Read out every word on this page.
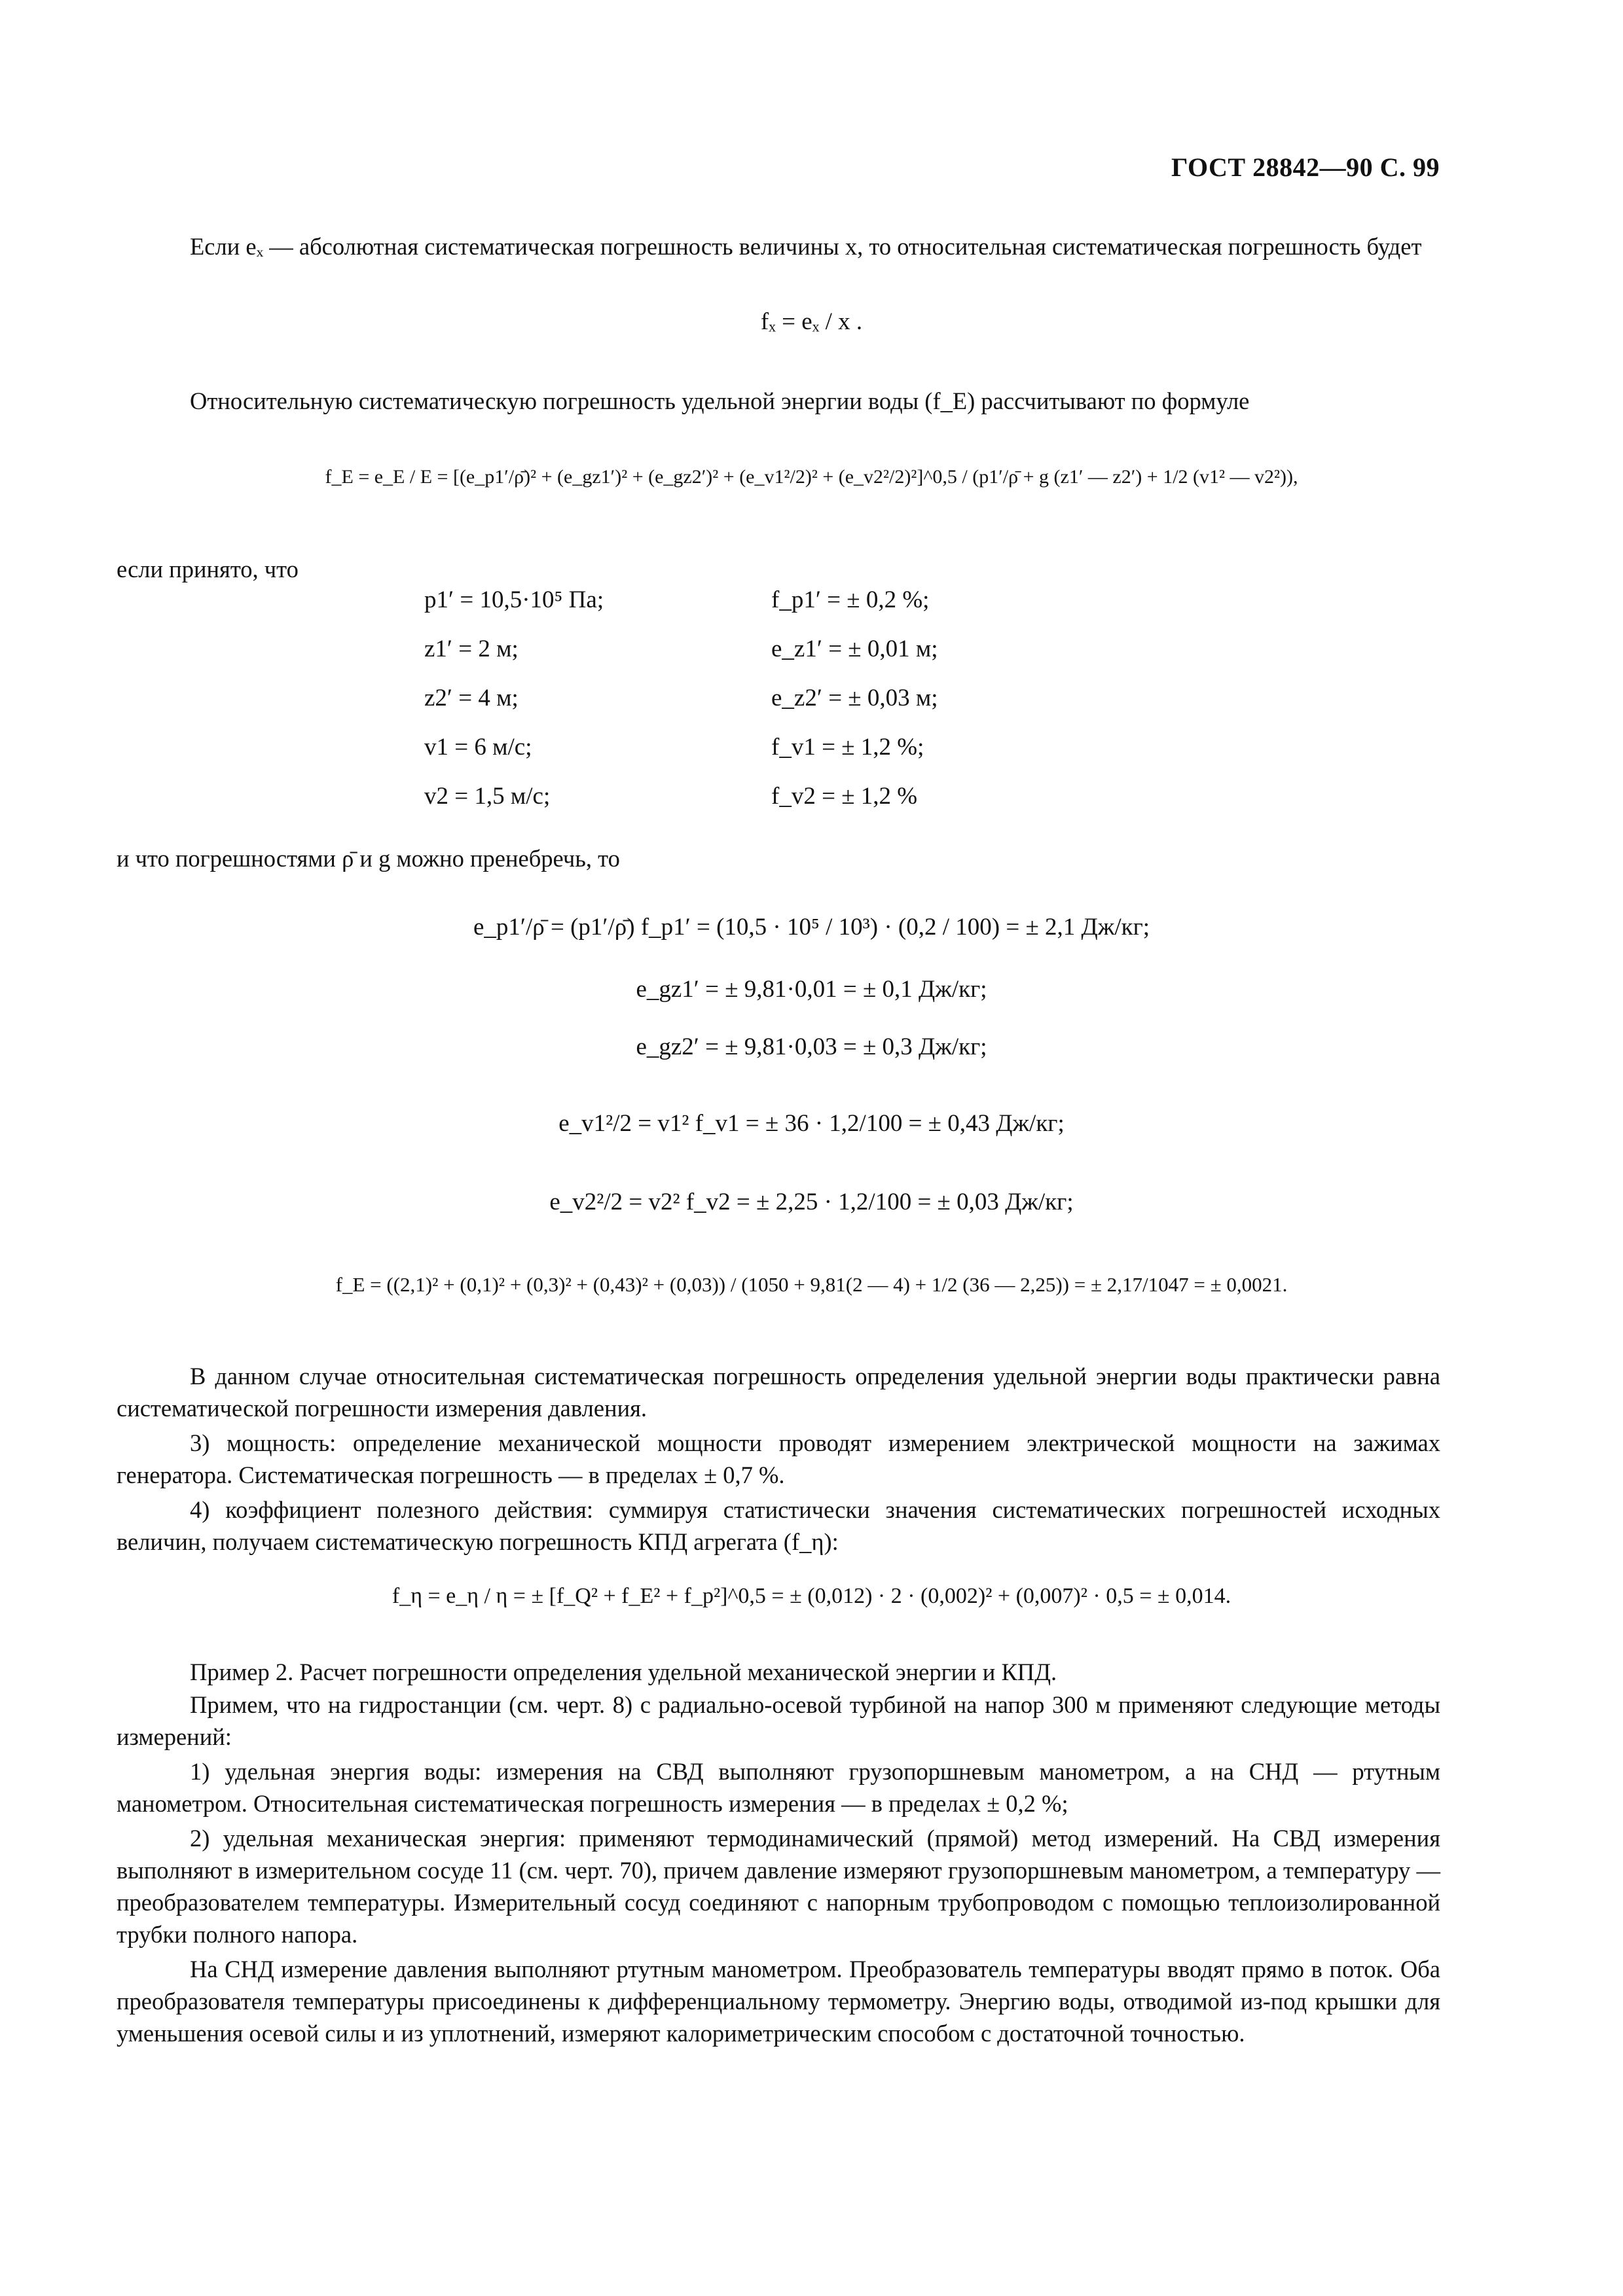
ГОСТ 28842—90 С. 99
Если eₓ — абсолютная систематическая погрешность величины x, то относительная систематическая погрешность будет
fₓ = eₓ / x .
Относительную систематическую погрешность удельной энергии воды (f_E) рассчитывают по формуле
f_E = e_E / E = [(e_p1′/ρ̄)² + (e_gz1′)² + (e_gz2′)² + (e_v1²/2)² + (e_v2²/2)²]^0,5 / (p1′/ρ̄ + g (z1′ — z2′) + 1/2 (v1² — v2²)),
если принято, что
p1′ = 10,5·10⁵ Па;
z1′ = 2 м;
z2′ = 4 м;
v1 = 6 м/с;
v2 = 1,5 м/с;
f_p1′ = ± 0,2 %;
e_z1′ = ± 0,01 м;
e_z2′ = ± 0,03 м;
f_v1 = ± 1,2 %;
f_v2 = ± 1,2 %
и что погрешностями ρ̄ и g можно пренебречь, то
e_p1′/ρ̄ = (p1′/ρ̄) f_p1′ = (10,5 · 10⁵ / 10³) · (0,2 / 100) = ± 2,1 Дж/кг;
e_gz1′ = ± 9,81·0,01 = ± 0,1 Дж/кг;
e_gz2′ = ± 9,81·0,03 = ± 0,3 Дж/кг;
e_v1²/2 = v1² f_v1 = ± 36 · 1,2/100 = ± 0,43 Дж/кг;
e_v2²/2 = v2² f_v2 = ± 2,25 · 1,2/100 = ± 0,03 Дж/кг;
f_E = ((2,1)² + (0,1)² + (0,3)² + (0,43)² + (0,03)) / (1050 + 9,81(2 — 4) + 1/2 (36 — 2,25)) = ± 2,17/1047 = ± 0,0021.
В данном случае относительная систематическая погрешность определения удельной энергии воды практически равна систематической погрешности измерения давления.
3) мощность: определение механической мощности проводят измерением электрической мощности на зажимах генератора. Систематическая погрешность — в пределах ± 0,7 %.
4) коэффициент полезного действия: суммируя статистически значения систематических погрешностей исходных величин, получаем систематическую погрешность КПД агрегата (f_η):
f_η = e_η / η = ± [f_Q² + f_E² + f_p²]^0,5 = ± (0,012) · 2 · (0,002)² + (0,007)² · 0,5 = ± 0,014.
Пример 2. Расчет погрешности определения удельной механической энергии и КПД.
Примем, что на гидростанции (см. черт. 8) с радиально-осевой турбиной на напор 300 м применяют следующие методы измерений:
1) удельная энергия воды: измерения на СВД выполняют грузопоршневым манометром, а на СНД — ртутным манометром. Относительная систематическая погрешность измерения — в пределах ± 0,2 %;
2) удельная механическая энергия: применяют термодинамический (прямой) метод измерений. На СВД измерения выполняют в измерительном сосуде 11 (см. черт. 70), причем давление измеряют грузопоршневым манометром, а температуру — преобразователем температуры. Измерительный сосуд соединяют с напорным трубопроводом с помощью теплоизолированной трубки полного напора.
На СНД измерение давления выполняют ртутным манометром. Преобразователь температуры вводят прямо в поток. Оба преобразователя температуры присоединены к дифференциальному термометру. Энергию воды, отводимой из-под крышки для уменьшения осевой силы и из уплотнений, измеряют калориметрическим способом с достаточной точностью.
